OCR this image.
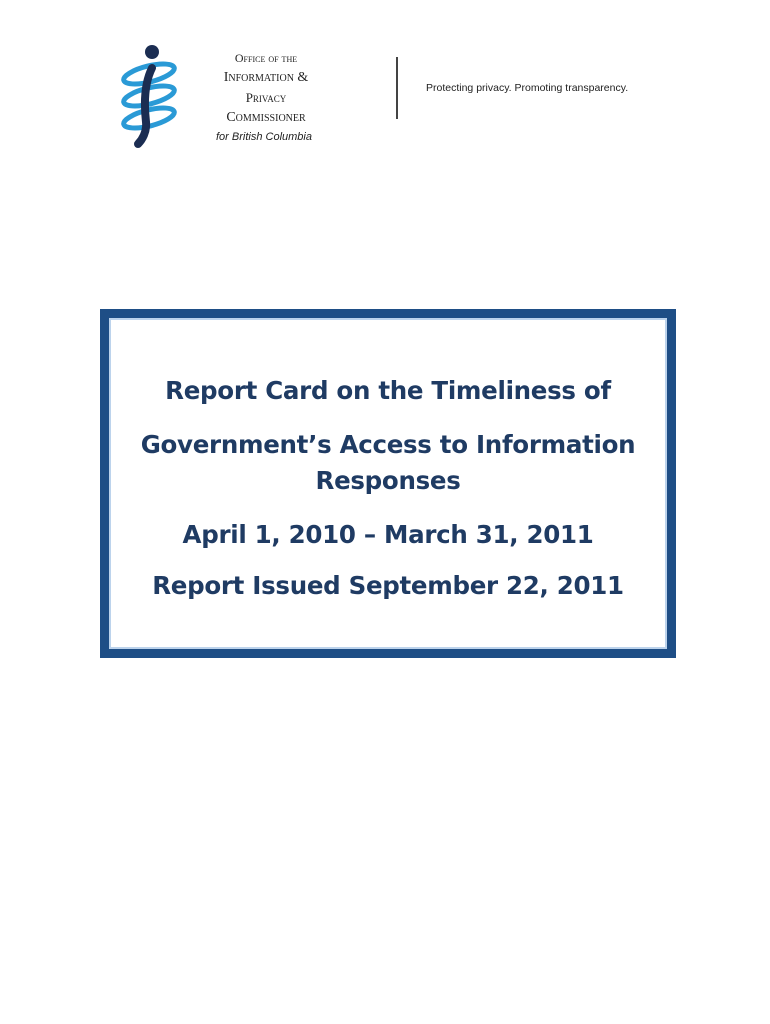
Office of the
Information &
Privacy
Commissioner
for British Columbia
Protecting privacy. Promoting transparency.
Report Card on the Timeliness of
Government’s Access to Information
Responses
April 1, 2010 – March 31, 2011
Report Issued September 22, 2011
